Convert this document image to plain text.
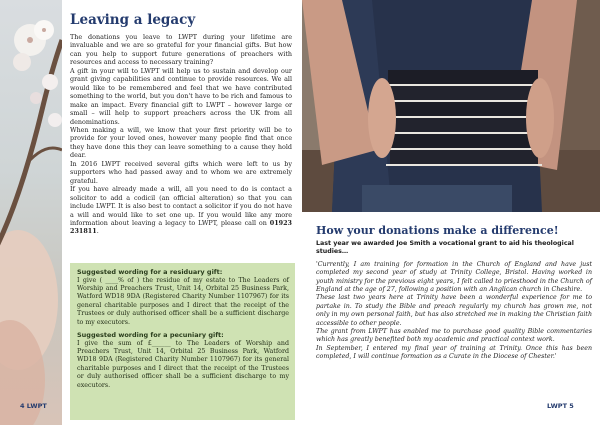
Leaving a legacy

The donations you leave to LWPT during your lifetime are invaluable and we are so grateful for your financial gifts. But how can you help to support future generations of preachers with resources and access to necessary training?

A gift in your will to LWPT will help us to sustain and develop our grant giving capabilities and continue to provide resources. We all would like to be remembered and feel that we have contributed something to the world, but you don't have to be rich and famous to make an impact. Every financial gift to LWPT – however large or small – will help to support preachers across the UK from all denominations.

When making a will, we know that your first priority will be to provide for your loved ones, however many people find that once they have done this they can leave something to a cause they hold dear.

In 2016 LWPT received several gifts which were left to us by supporters who had passed away and to whom we are extremely grateful.

If you have already made a will, all you need to do is contact a solicitor to add a codicil (an official alteration) so that you can include LWPT. It is also best to contact a solicitor if you do not have a will and would like to set one up. If you would like any more information about leaving a legacy to LWPT, please call on 01923 231811.

Suggested wording for a residuary gift:

I give ( ____% of ) the residue of my estate to The Leaders of Worship and Preachers Trust, Unit 14, Orbital 25 Business Park, Watford WD18 9DA (Registered Charity Number 1107967) for its general charitable purposes and I direct that the receipt of the Trustees or duly authorised officer shall be a sufficient discharge to my executors.

Suggested wording for a pecuniary gift:

I give the sum of £______ to The Leaders of Worship and Preachers Trust, Unit 14, Orbital 25 Business Park, Watford WD18 9DA (Registered Charity Number 1107967) for its general charitable purposes and I direct that the receipt of the Trustees or duly authorised officer shall be a sufficient discharge to my executors.

4 LWPT
How your donations make a difference!

Last year we awarded Joe Smith a vocational grant to aid his theological studies…

'Currently, I am training for formation in the Church of England and have just completed my second year of study at Trinity College, Bristol. Having worked in youth ministry for the previous eight years, I felt called to priesthood in the Church of England at the age of 27, following a position with an Anglican church in Cheshire.

These last two years here at Trinity have been a wonderful experience for me to partake in. To study the Bible and preach regularly my church has grown me, not only in my own personal faith, but has also stretched me in making the Christian faith accessible to other people.

The grant from LWPT has enabled me to purchase good quality Bible commentaries which has greatly benefited both my academic and practical context work.

In September, I entered my final year of training at Trinity. Once this has been completed, I will continue formation as a Curate in the Diocese of Chester.'

LWPT 5
